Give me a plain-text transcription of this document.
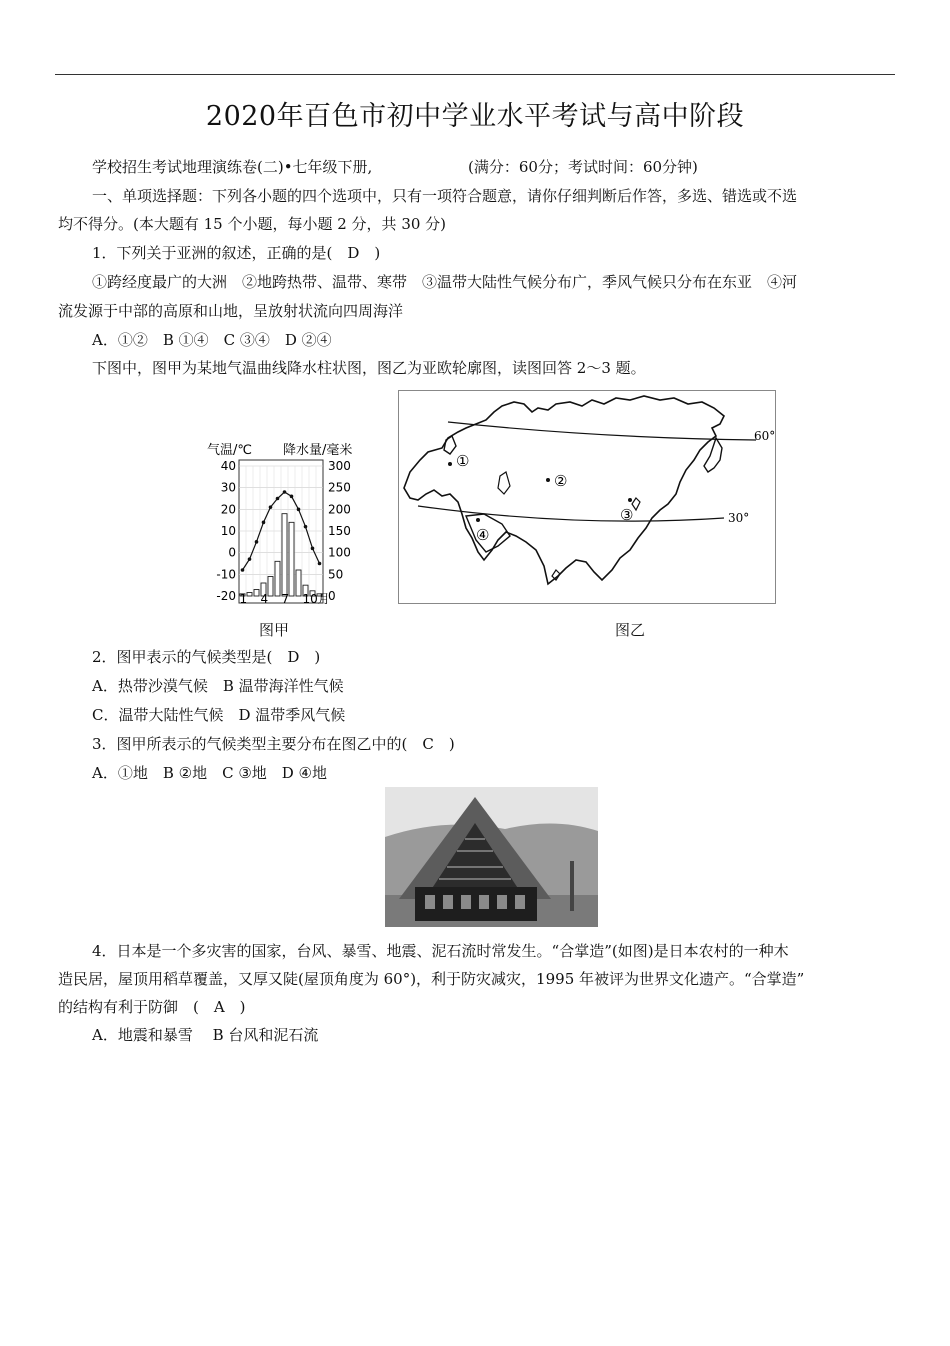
2020年百色市初中学业水平考试与高中阶段
学校招生考试地理演练卷(二)•七年级下册,	(满分：60分；考试时间：60分钟)
一、单项选择题：下列各小题的四个选项中，只有一项符合题意，请你仔细判断后作答，多选、错选或不选
均不得分。(本大题有 15 个小题，每小题 2 分，共 30 分)
1．下列关于亚洲的叙述，正确的是(　D　)
①跨经度最广的大洲　②地跨热带、温带、寒带　③温带大陆性气候分布广，季风气候只分布在东亚　④河
流发源于中部的高原和山地，呈放射状流向四周海洋
A．①②　B ①④　C ③④　D ②④
下图中，图甲为某地气温曲线降水柱状图，图乙为亚欧轮廓图，读图回答 2～3 题。
气温/℃ 降水量/毫米
40
30
20
10
0
-10
-20
300
250
200
150
100
50
0
1 4 7 10月
图甲
60°
30°
①
②
③
④
图乙
2．图甲表示的气候类型是(　D　)
A．热带沙漠气候　B 温带海洋性气候
C．温带大陆性气候　D 温带季风气候
3．图甲所表示的气候类型主要分布在图乙中的(　C　)
A．①地　B ②地　C ③地　D ④地
4．日本是一个多灾害的国家，台风、暴雪、地震、泥石流时常发生。“合掌造”(如图)是日本农村的一种木
造民居，屋顶用稻草覆盖，又厚又陡(屋顶角度为 60°)，利于防灾减灾，1995 年被评为世界文化遗产。“合掌造”
的结构有利于防御　(　A　)
A．地震和暴雪　 B 台风和泥石流
